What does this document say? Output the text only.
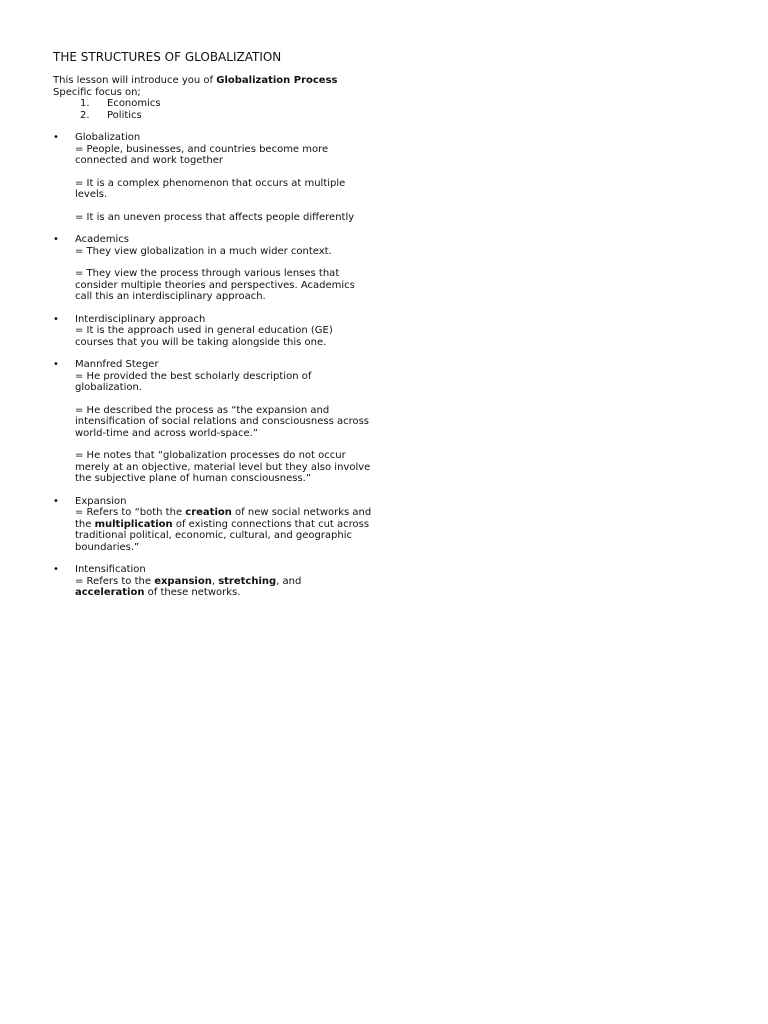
THE STRUCTURES OF GLOBALIZATION

This lesson will introduce you of Globalization Process

Specific focus on;

1.	Economics
2.	Politics
• Globalization

= People, businesses, and countries become more connected and work together

= It is a complex phenomenon that occurs at multiple levels.

= It is an uneven process that affects people differently

• Academics

= They view globalization in a much wider context.

= They view the process through various lenses that consider multiple theories and perspectives. Academics call this an interdisciplinary approach.

• Interdisciplinary approach

= It is the approach used in general education (GE) courses that you will be taking alongside this one.

• Mannfred Steger

= He provided the best scholarly description of globalization.

= He described the process as “the expansion and intensification of social relations and consciousness across world-time and across world-space.”

= He notes that “globalization processes do not occur merely at an objective, material level but they also involve the subjective plane of human consciousness.”

• Expansion

= Refers to “both the creation of new social networks and the multiplication of existing connections that cut across traditional political, economic, cultural, and geographic boundaries.”

• Intensification

= Refers to the expansion, stretching, and acceleration of these networks.
